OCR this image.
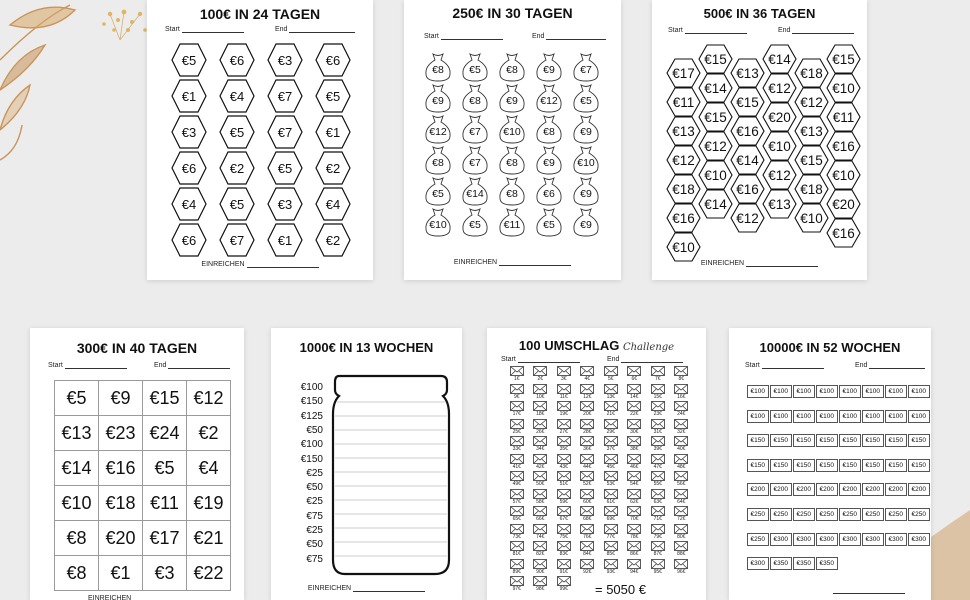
100€ IN 24 TAGEN
Start	End
€5	€6	€3	€6
€1	€4	€7	€5
€3	€5	€7	€1
€6	€2	€5	€2
€4	€5	€3	€4
€6	€7	€1	€2
EINREICHEN
250€ IN 30 TAGEN
Start	End
€8 €5 €8 €9 €7
€9 €8 €9 €12 €5
€12 €7 €10 €8 €9
€8 €7 €8 €9 €10
€5 €14 €8 €6 €9
€10 €5 €11 €5 €9
EINREICHEN
500€ IN 36 TAGEN
Start	End
€17
€11
€13
€12
€18
€16
€10
€15
€14
€15
€12
€10
€14
€13
€15
€16
€14
€16
€12
€14
€12
€20
€10
€12
€13
€18
€12
€13
€15
€18
€10
€15
€10
€11
€16
€10
€20
€16
EINREICHEN
300€ IN 40 TAGEN
Start	End
€5 €9 €15 €12
€13 €23 €24 €2
€14 €16 €5 €4
€10 €18 €11 €19
€8 €20 €17 €21
€8 €1 €3 €22
EINREICHEN
1000€ IN 13 WOCHEN
€100
€150
€125
€50
€100
€150
€25
€50
€25
€75
€25
€50
€75
EINREICHEN
100 UMSCHLAG Challenge
Start	End
1€	2€	3€	4€	5€	6€	7€	8€
9€	10€	11€	12€	13€	14€	15€	16€
17€	18€	19€	20€	21€	22€	23€	24€
25€	26€	27€	28€	29€	30€	31€	32€
33€	34€	35€	36€	37€	38€	39€	40€
41€	42€	43€	44€	45€	46€	47€	48€
49€	50€	51€	52€	53€	54€	55€	56€
57€	58€	59€	60€	61€	62€	63€	64€
65€	66€	67€	68€	69€	70€	71€	72€
73€	74€	75€	76€	77€	78€	79€	80€
81€	82€	83€	84€	85€	86€	87€	88€
89€	90€	91€	92€	93€	94€	95€	96€
97€	98€	99€ = 5050 €
10000€ IN 52 WOCHEN
Start	End
€100 €100 €100 €100 €100 €100 €100 €100
€100 €100 €100 €100 €100 €100 €100 €100
€150 €150 €150 €150 €150 €150 €150 €150
€150 €150 €150 €150 €150 €150 €150 €150
€200 €200 €200 €200 €200 €200 €200 €200
€250 €250 €250 €250 €250 €250 €250 €250
€250 €300 €300 €300 €300 €300 €300 €300
€300 €350 €350 €350
